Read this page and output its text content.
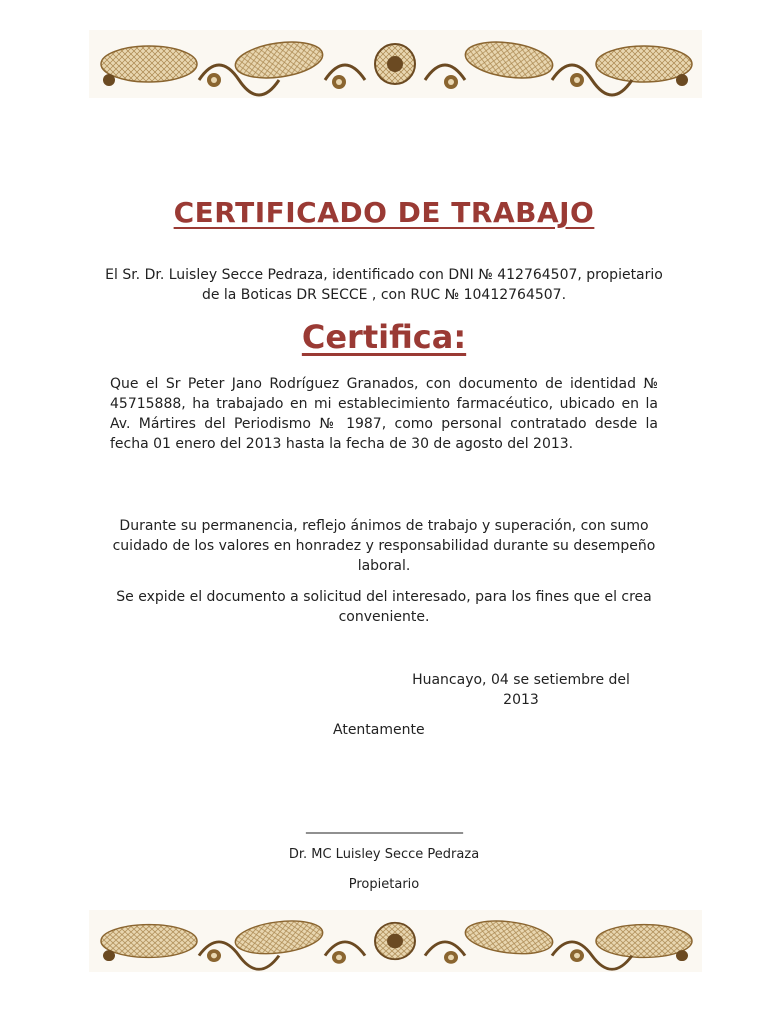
CERTIFICADO DE TRABAJO
El Sr. Dr. Luisley Secce Pedraza, identificado con DNI № 412764507, propietario de la Boticas DR SECCE , con RUC № 10412764507.
Certifica:
Que el Sr Peter Jano Rodríguez Granados, con documento de identidad № 45715888, ha trabajado en mi establecimiento farmacéutico, ubicado en la Av. Mártires del Periodismo № 1987, como personal contratado desde la fecha 01 enero del 2013 hasta la fecha de 30 de agosto del 2013.
Durante su permanencia, reflejo ánimos de trabajo y superación, con sumo cuidado de los valores en honradez y responsabilidad durante su desempeño laboral.
Se expide el documento a solicitud del interesado, para los fines que el crea conveniente.
Huancayo, 04 se setiembre del 2013
Atentamente
__________________________
Dr. MC Luisley Secce Pedraza
Propietario
